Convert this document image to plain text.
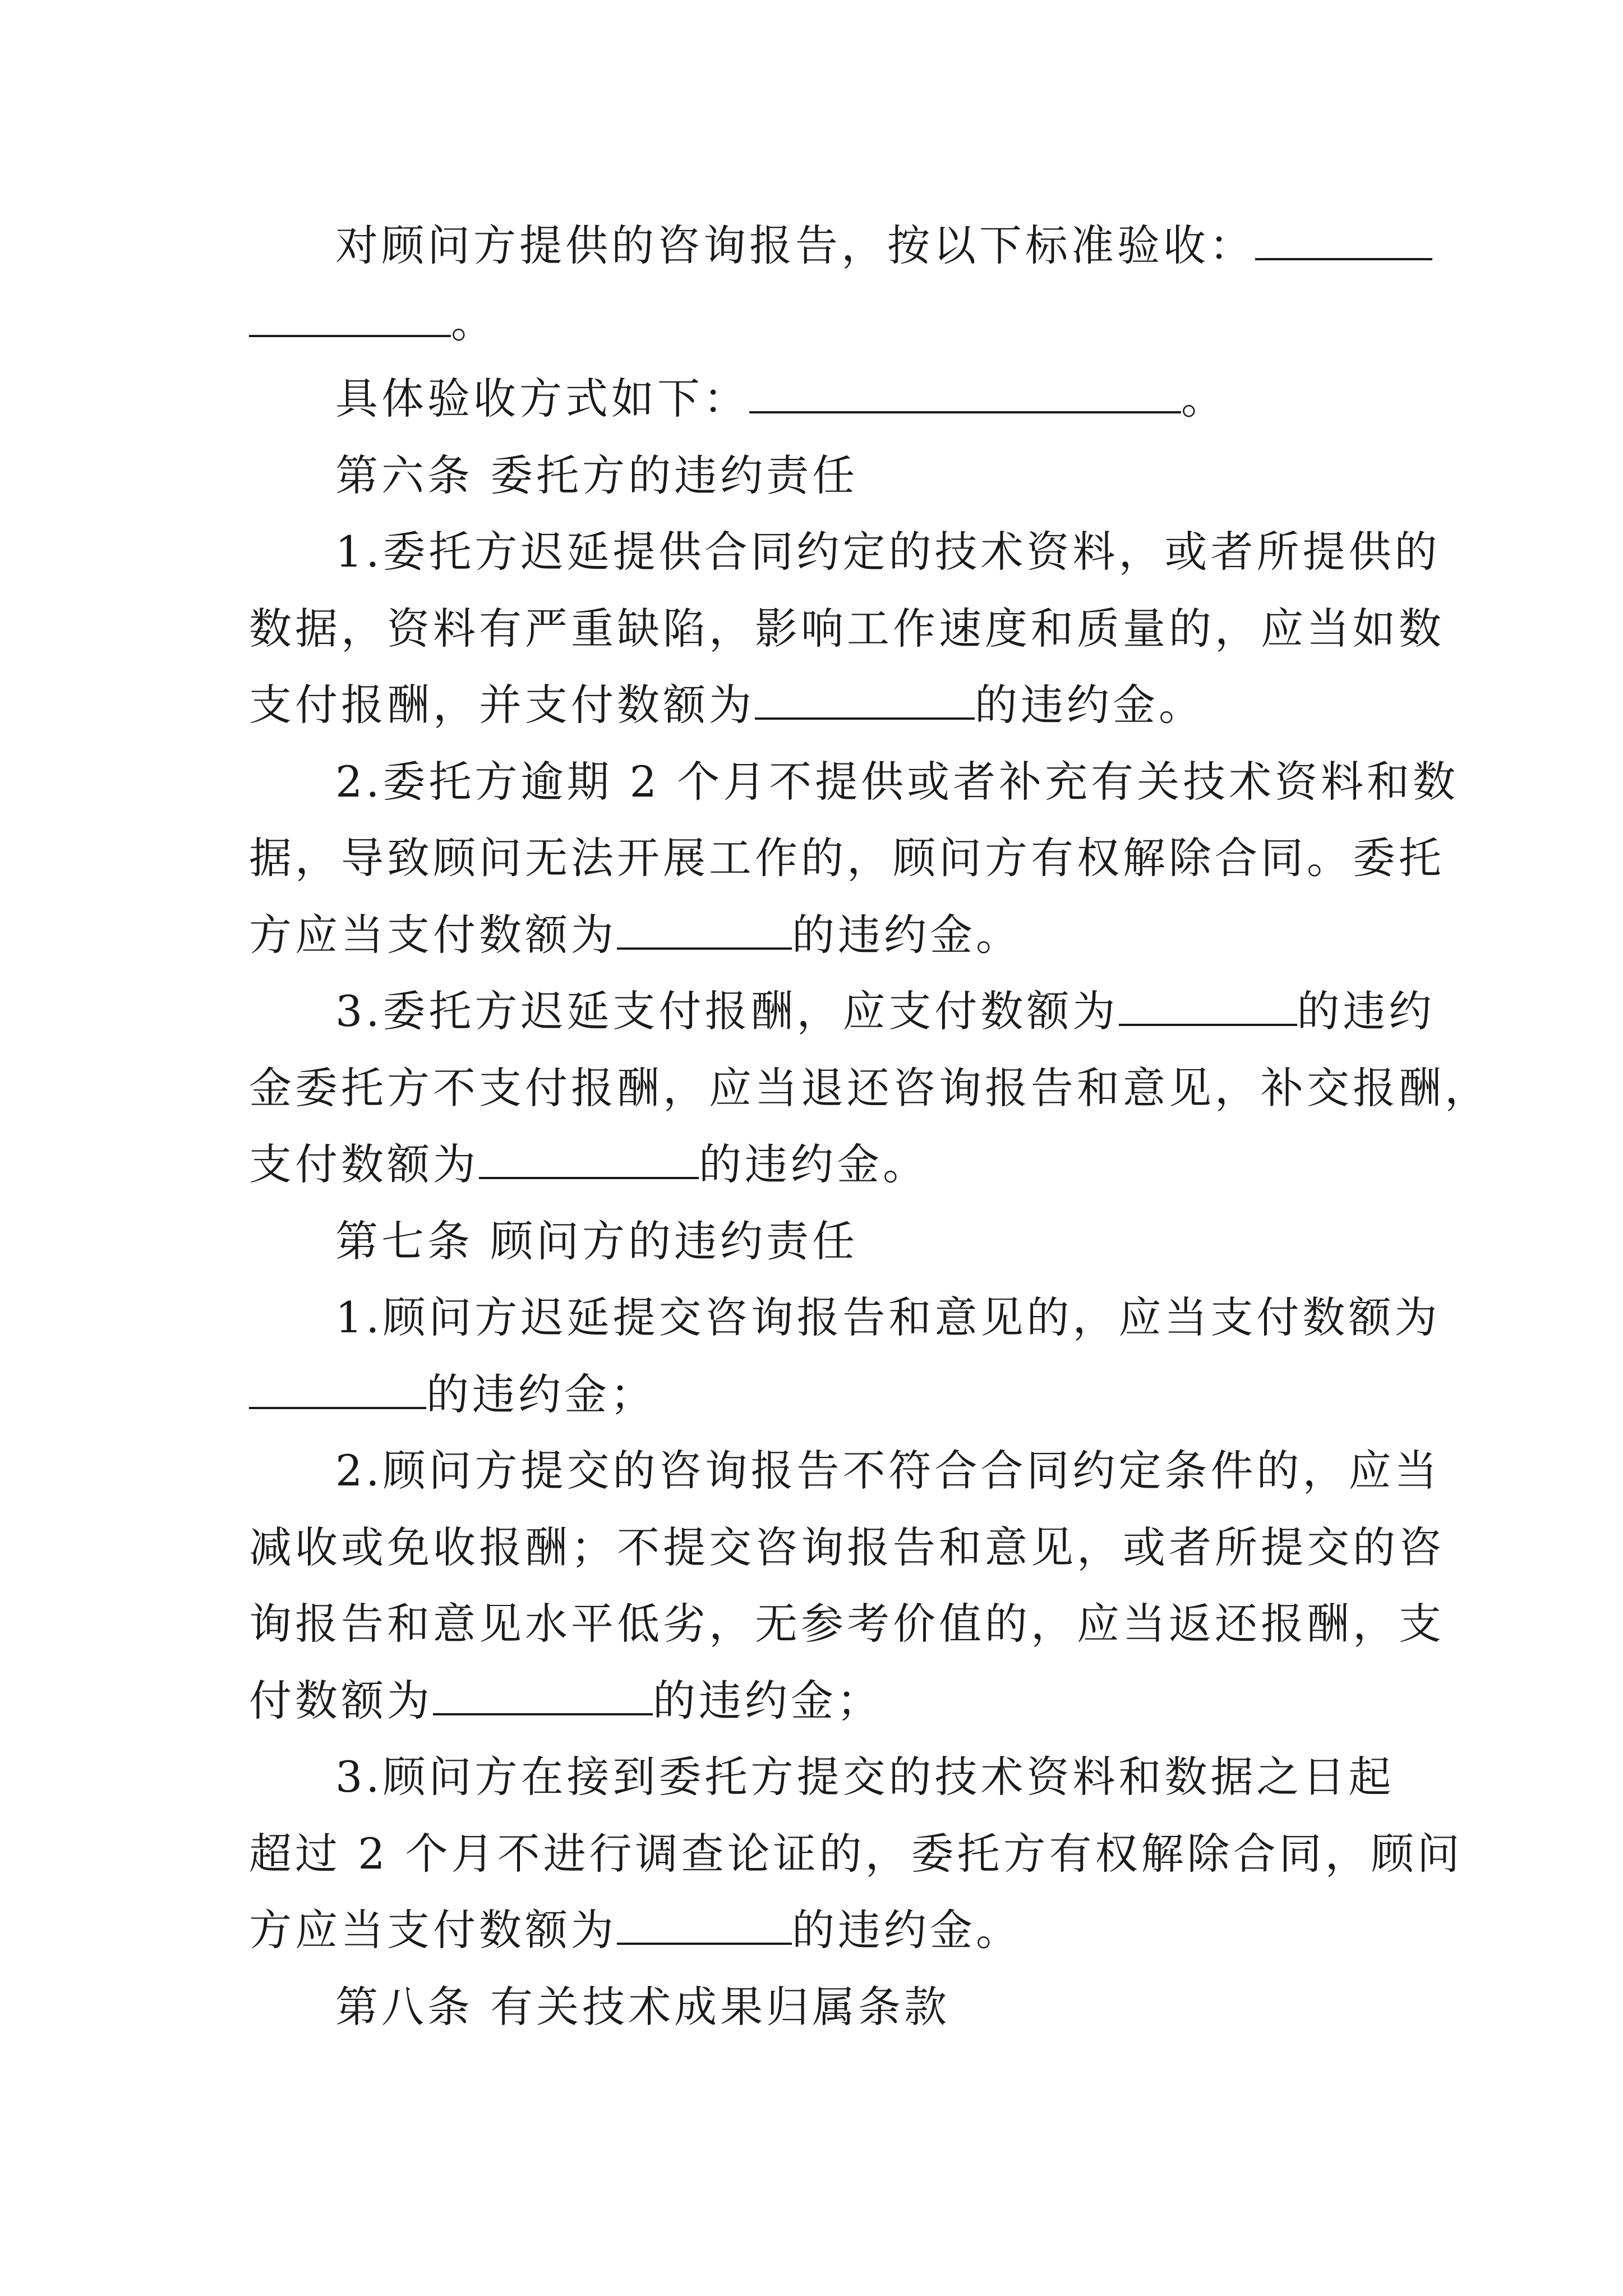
对顾问方提供的咨询报告，按以下标准验收：
。
具体验收方式如下：	。
第六条 委托方的违约责任
1.委托方迟延提供合同约定的技术资料，或者所提供的
数据，资料有严重缺陷，影响工作速度和质量的，应当如数
支付报酬，并支付数额为	的违约金。
2.委托方逾期 2 个月不提供或者补充有关技术资料和数
据，导致顾问无法开展工作的，顾问方有权解除合同。委托
方应当支付数额为	的违约金。
3.委托方迟延支付报酬，应支付数额为	的违约
金委托方不支付报酬，应当退还咨询报告和意见，补交报酬，
支付数额为	的违约金。
第七条 顾问方的违约责任
1.顾问方迟延提交咨询报告和意见的，应当支付数额为
的违约金；
2.顾问方提交的咨询报告不符合合同约定条件的，应当
减收或免收报酬；不提交咨询报告和意见，或者所提交的咨
询报告和意见水平低劣，无参考价值的，应当返还报酬，支
付数额为	的违约金；
3.顾问方在接到委托方提交的技术资料和数据之日起
超过 2 个月不进行调查论证的，委托方有权解除合同，顾问
方应当支付数额为	的违约金。
第八条 有关技术成果归属条款
